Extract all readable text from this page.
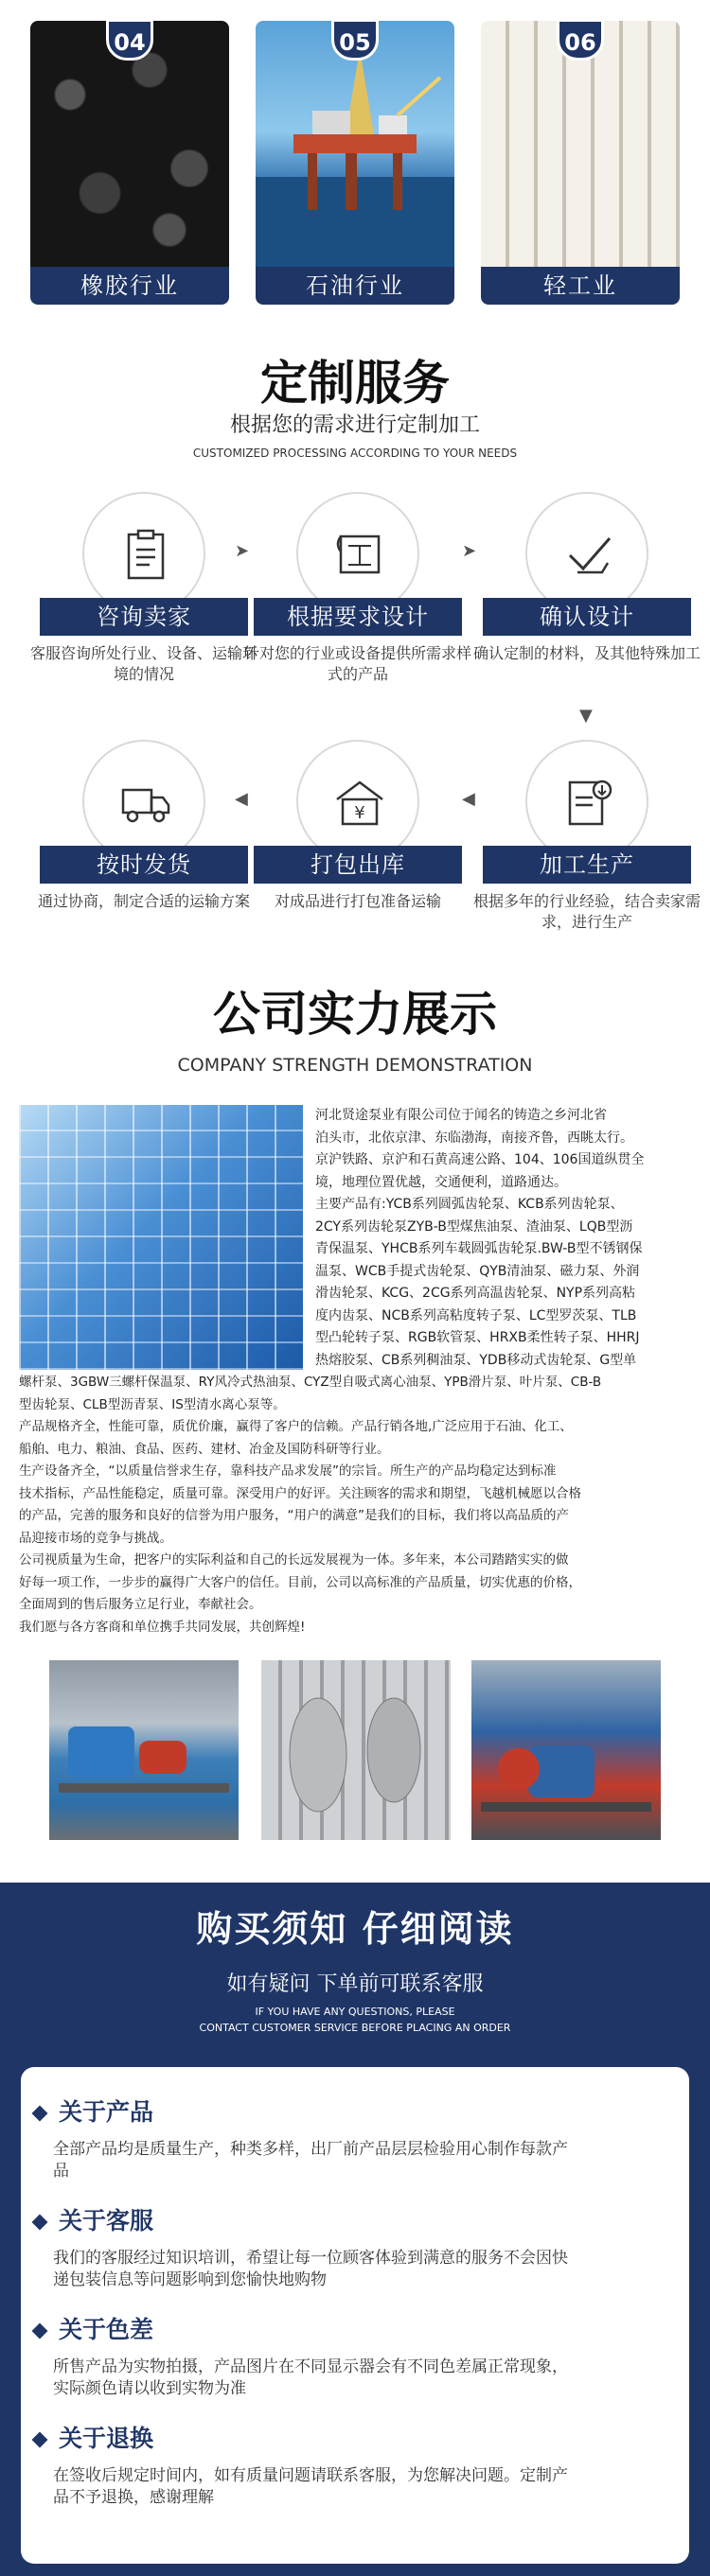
04
橡胶行业
05
石油行业
06
轻工业
定制服务
根据您的需求进行定制加工
CUSTOMIZED PROCESSING ACCORDING TO YOUR NEEDS
咨询卖家
客服咨询所处行业、设备、运输环境的情况
➤
根据要求设计
针对您的行业或设备提供所需求样式的产品
➤
确认设计
确认定制的材料，及其他特殊加工
▼
按时发货
通过协商，制定合适的运输方案
◀
¥
打包出库
对成品进行打包准备运输
◀
加工生产
根据多年的行业经验，结合卖家需求，进行生产
公司实力展示
COMPANY STRENGTH DEMONSTRATION
河北贤途泵业有限公司位于闻名的铸造之乡河北省
泊头市，北依京津、东临渤海，南接齐鲁，西眺太行。
京沪铁路、京沪和石黄高速公路、104、106国道纵贯全
境，地理位置优越，交通便利，道路通达。
主要产品有:YCB系列圆弧齿轮泵、KCB系列齿轮泵、
2CY系列齿轮泵ZYB-B型煤焦油泵、渣油泵、LQB型沥
青保温泵、YHCB系列车载圆弧齿轮泵.BW-B型不锈钢保
温泵、WCB手提式齿轮泵、QYB清油泵、磁力泵、外润
滑齿轮泵、KCG、2CG系列高温齿轮泵、NYP系列高粘
度内齿泵、NCB系列高粘度转子泵、LC型罗茨泵、TLB
型凸轮转子泵、RGB软管泵、HRXB柔性转子泵、HHRJ
热熔胶泵、CB系列稠油泵、YDB移动式齿轮泵、G型单
螺杆泵、3GBW三螺杆保温泵、RY风冷式热油泵、CYZ型自吸式离心油泵、YPB滑片泵、叶片泵、CB-B
型齿轮泵、CLB型沥青泵、IS型清水离心泵等。
产品规格齐全，性能可靠，质优价廉，赢得了客户的信赖。产品行销各地,广泛应用于石油、化工、
船舶、电力、粮油、食品、医药、建材、冶金及国防科研等行业。
生产设备齐全，“以质量信誉求生存，靠科技产品求发展”的宗旨。所生产的产品均稳定达到标准
技术指标，产品性能稳定，质量可靠。深受用户的好评。关注顾客的需求和期望，飞越机械愿以合格
的产品，完善的服务和良好的信誉为用户服务，“用户的满意”是我们的目标，我们将以高品质的产
品迎接市场的竞争与挑战。
公司视质量为生命，把客户的实际利益和自己的长远发展视为一体。多年来，本公司踏踏实实的做
好每一项工作，一步步的赢得广大客户的信任。目前，公司以高标准的产品质量，切实优惠的价格，
全面周到的售后服务立足行业，奉献社会。
我们愿与各方客商和单位携手共同发展，共创辉煌!
购买须知 仔细阅读
如有疑问 下单前可联系客服
IF YOU HAVE ANY QUESTIONS, PLEASE
CONTACT CUSTOMER SERVICE BEFORE PLACING AN ORDER
关于产品
全部产品均是质量生产，种类多样，出厂前产品层层检验用心制作每款产
品
关于客服
我们的客服经过知识培训，希望让每一位顾客体验到满意的服务不会因快
递包装信息等问题影响到您愉快地购物
关于色差
所售产品为实物拍摄，产品图片在不同显示器会有不同色差属正常现象，
实际颜色请以收到实物为准
关于退换
在签收后规定时间内，如有质量问题请联系客服，为您解决问题。定制产
品不予退换，感谢理解
